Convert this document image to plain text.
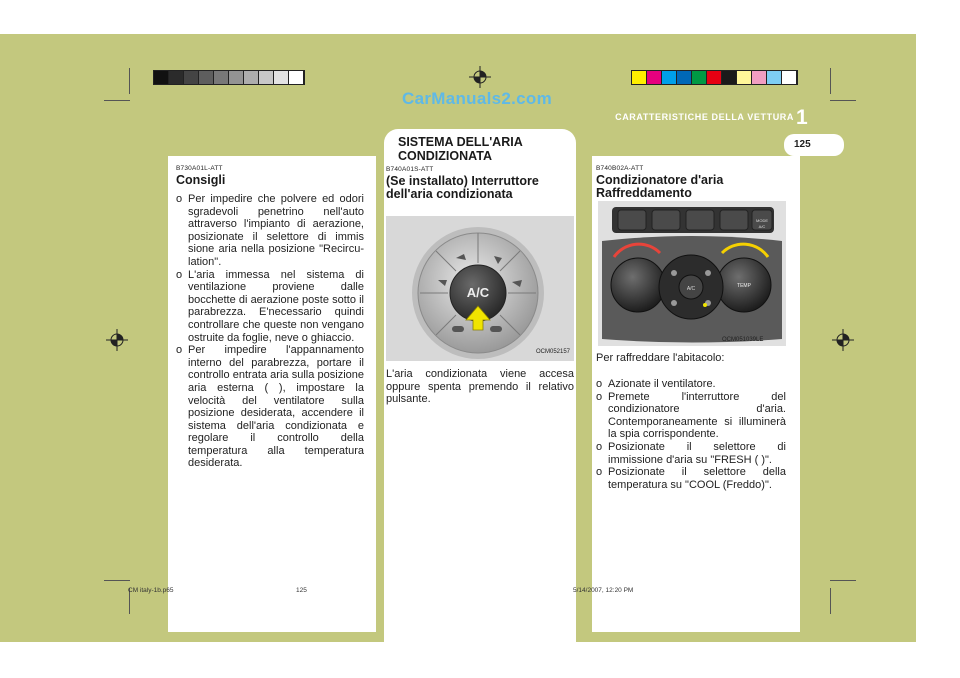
CarManuals2.com
CARATTERISTICHE DELLA VETTURA 1
125
B730A01L-ATT
Consigli
o Per impedire che polvere ed odori sgradevoli penetrino nell'auto attraverso l'impianto di aerazione, posizionate il selettore di immis sione aria nella posizione "Recircu- lation".
o L'aria immessa nel sistema di ventilazione proviene dalle bocchette di aerazione poste sotto il parabrezza. E'necessario quindi controllare che queste non vengano ostruite da foglie, neve o ghiaccio.
o Per impedire l'appannamento interno del parabrezza, portare il controllo entrata aria sulla posizione aria esterna ( ), impostare la velocità del ventilatore sulla posizione desiderata, accendere il sistema dell'aria condizionata e regolare il controllo della temperatura alla temperatura desiderata.
SISTEMA DELL'ARIA CONDIZIONATA
B740A01S-ATT
(Se installato) Interruttore dell'aria condizionata
A/C
OCM052157
L'aria condizionata viene accesa oppure spenta premendo il relativo pulsante.
B740B02A-ATT
Condizionatore d'aria Raffreddamento
MODE
A/C
TEMP
A/C
OCM051039LE
Per raffreddare l'abitacolo:
o Azionate il ventilatore.
o Premete l'interruttore del condizionatore d'aria. Contemporaneamente si illuminerà la spia corrispondente.
o Posizionate il selettore di immissione d'aria su "FRESH ( )".
o Posizionate il selettore della temperatura su "COOL (Freddo)".
CM italy-1b.p65	125	5/14/2007, 12:20 PM
